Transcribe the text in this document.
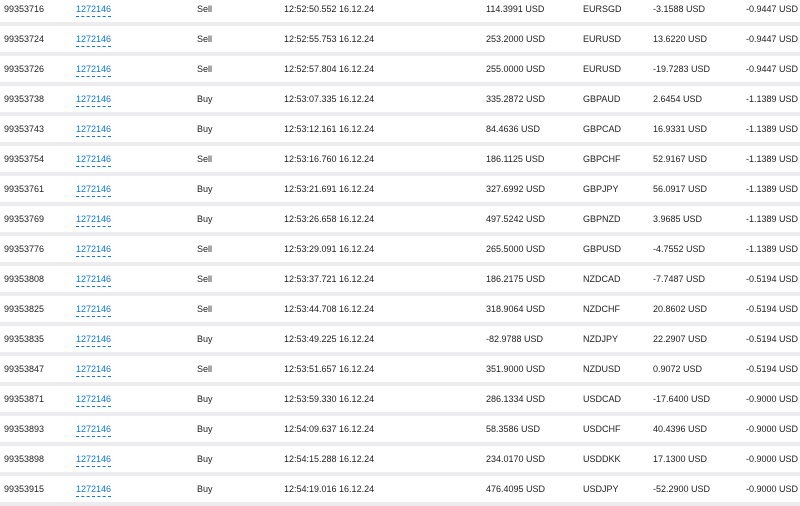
99353716	1272146	Sell	12:52:50.552 16.12.24	114.3991 USD	EURSGD	-3.1588 USD	-0.9447 USD
99353724	1272146	Sell	12:52:55.753 16.12.24	253.2000 USD	EURUSD	13.6220 USD	-0.9447 USD
99353726	1272146	Sell	12:52:57.804 16.12.24	255.0000 USD	EURUSD	-19.7283 USD	-0.9447 USD
99353738	1272146	Buy	12:53:07.335 16.12.24	335.2872 USD	GBPAUD	2.6454 USD	-1.1389 USD
99353743	1272146	Buy	12:53:12.161 16.12.24	84.4636 USD	GBPCAD	16.9331 USD	-1.1389 USD
99353754	1272146	Sell	12:53:16.760 16.12.24	186.1125 USD	GBPCHF	52.9167 USD	-1.1389 USD
99353761	1272146	Buy	12:53:21.691 16.12.24	327.6992 USD	GBPJPY	56.0917 USD	-1.1389 USD
99353769	1272146	Buy	12:53:26.658 16.12.24	497.5242 USD	GBPNZD	3.9685 USD	-1.1389 USD
99353776	1272146	Sell	12:53:29.091 16.12.24	265.5000 USD	GBPUSD	-4.7552 USD	-1.1389 USD
99353808	1272146	Sell	12:53:37.721 16.12.24	186.2175 USD	NZDCAD	-7.7487 USD	-0.5194 USD
99353825	1272146	Sell	12:53:44.708 16.12.24	318.9064 USD	NZDCHF	20.8602 USD	-0.5194 USD
99353835	1272146	Buy	12:53:49.225 16.12.24	-82.9788 USD	NZDJPY	22.2907 USD	-0.5194 USD
99353847	1272146	Sell	12:53:51.657 16.12.24	351.9000 USD	NZDUSD	0.9072 USD	-0.5194 USD
99353871	1272146	Buy	12:53:59.330 16.12.24	286.1334 USD	USDCAD	-17.6400 USD	-0.9000 USD
99353893	1272146	Buy	12:54:09.637 16.12.24	58.3586 USD	USDCHF	40.4396 USD	-0.9000 USD
99353898	1272146	Buy	12:54:15.288 16.12.24	234.0170 USD	USDDKK	17.1300 USD	-0.9000 USD
99353915	1272146	Buy	12:54:19.016 16.12.24	476.4095 USD	USDJPY	-52.2900 USD	-0.9000 USD
